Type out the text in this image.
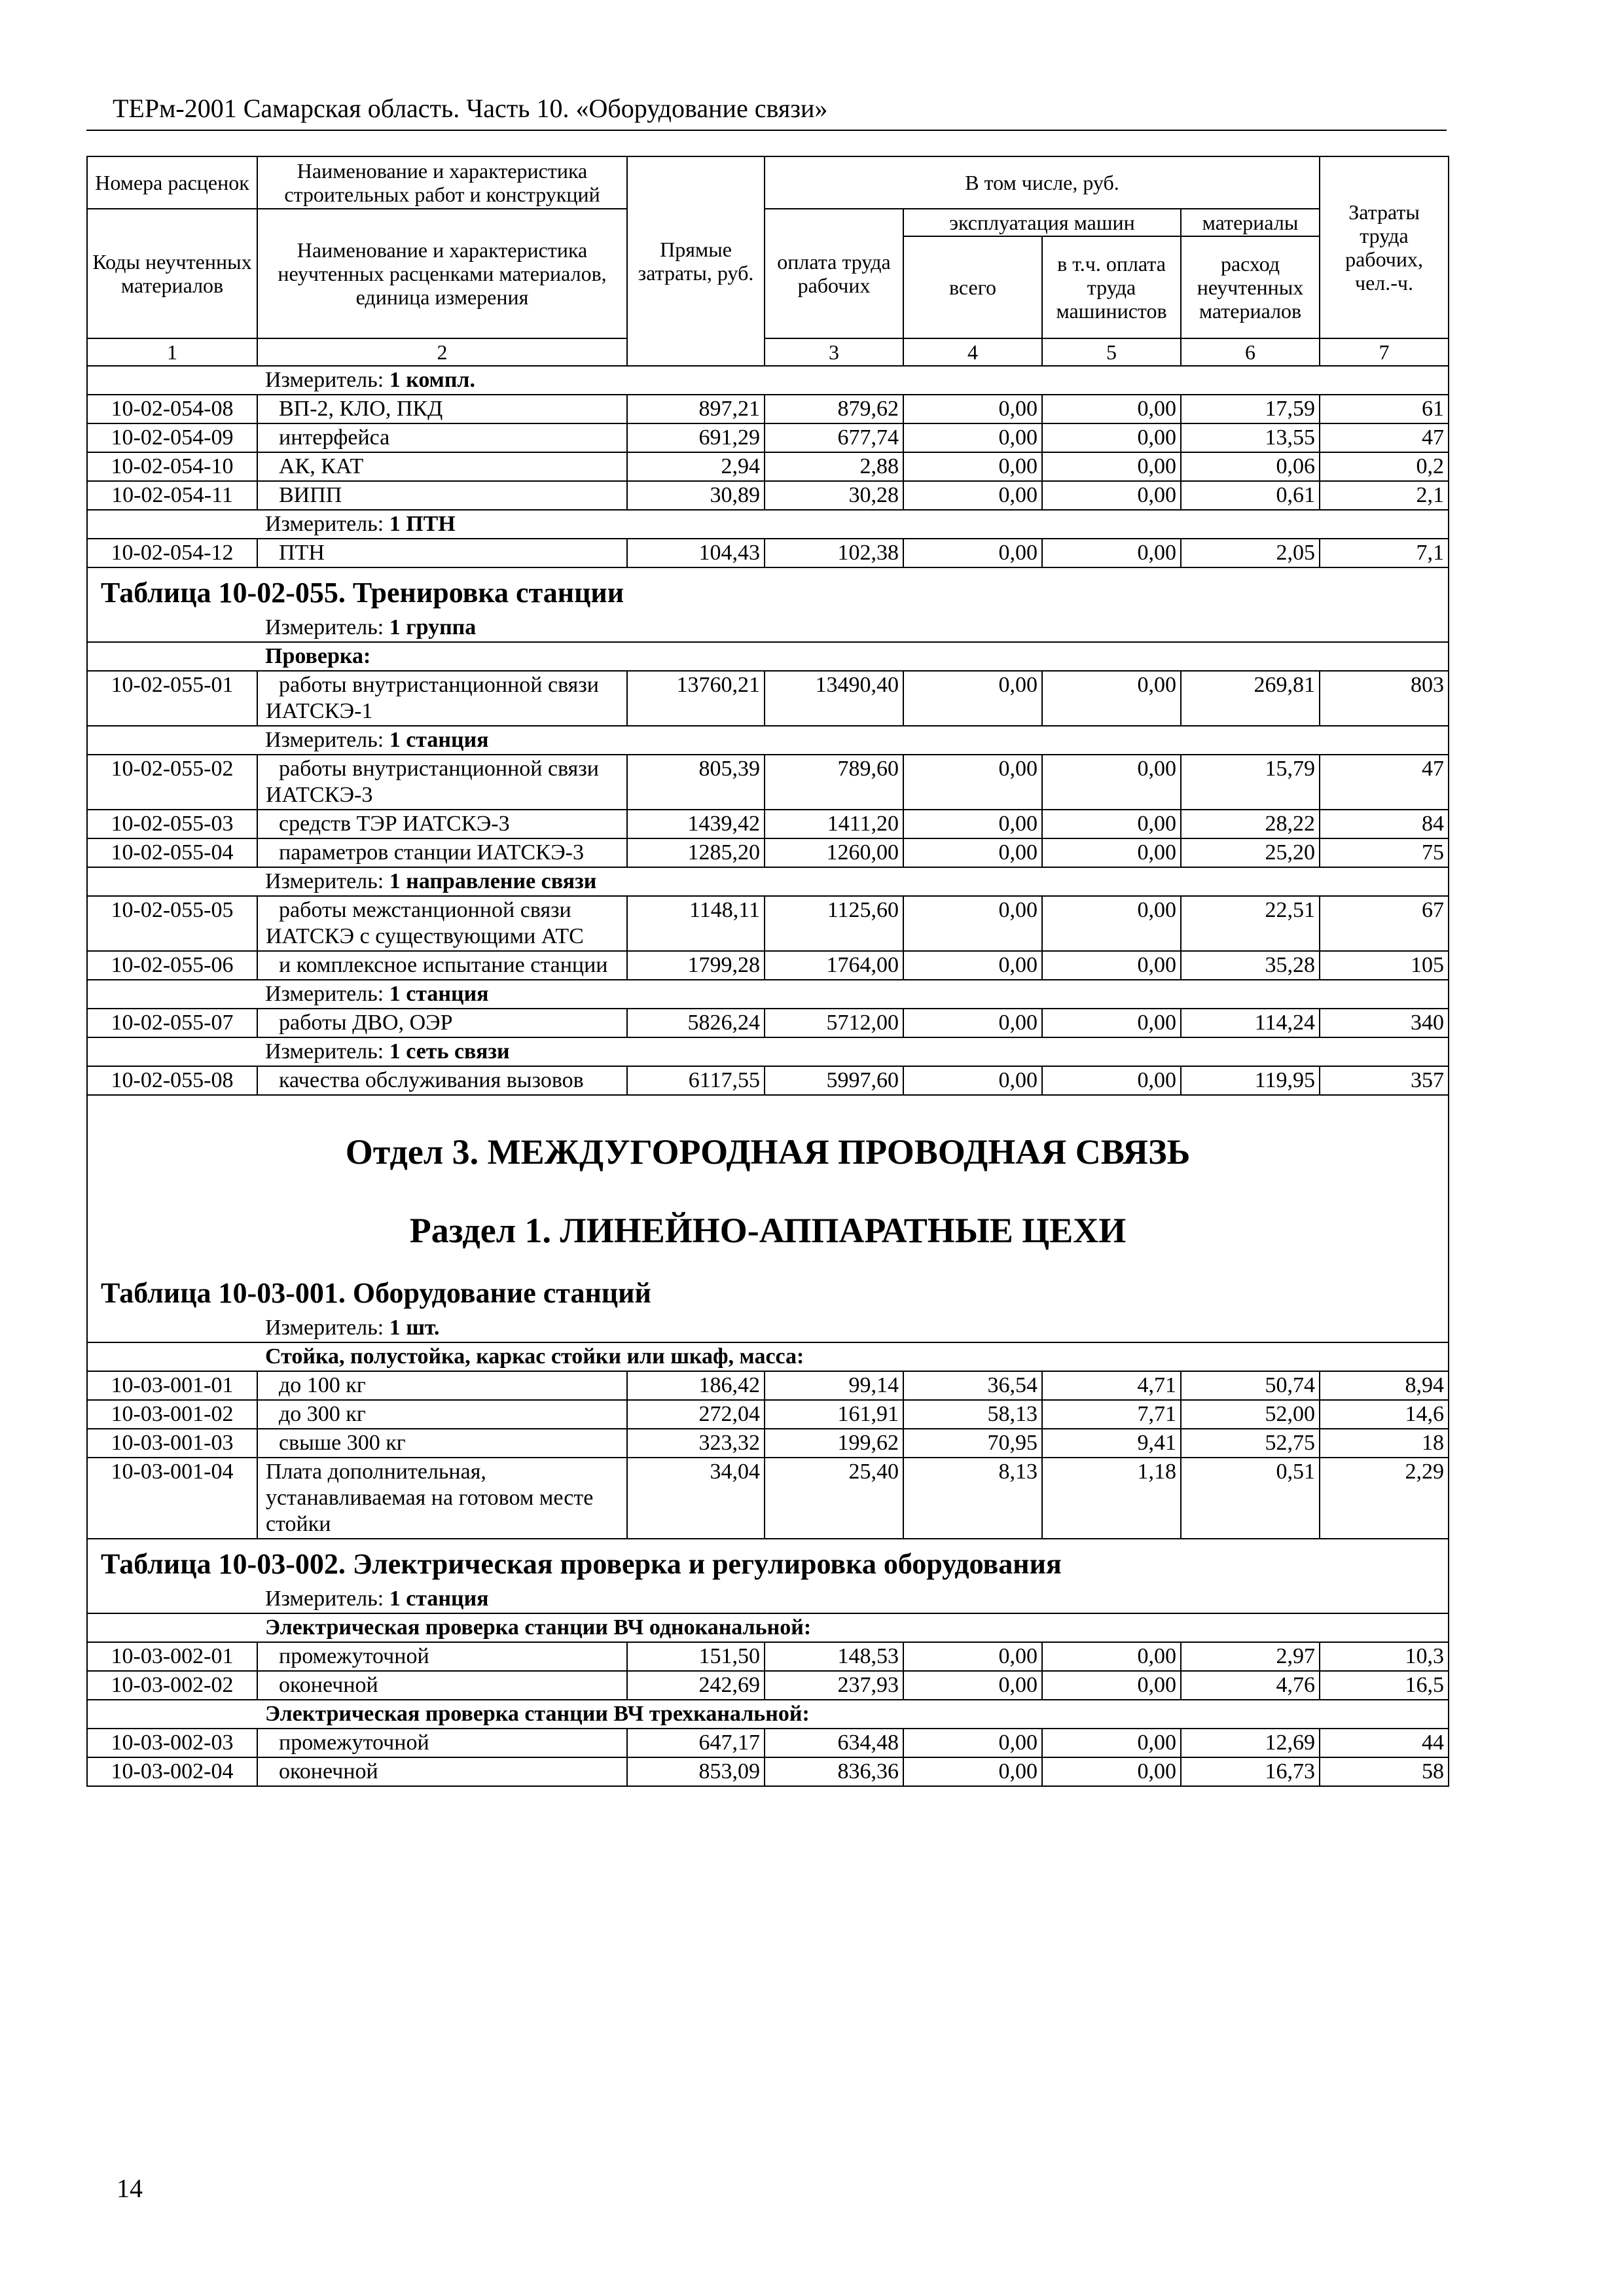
ТЕРм-2001 Самарская область. Часть 10. «Оборудование связи»
Номера расценок	Наименование и характеристика строительных работ и конструкций	Прямые затраты, руб.	В том числе, руб.				Затраты труда рабочих, чел.-ч.	
Коды неучтенных материалов	Наименование и характеристика неучтенных расценками материалов, единица измерения		оплата труда рабочих	эксплуатация машин		материалы		
				всего	в т.ч. оплата труда машинистов	расход неучтенных материалов	
1	2		3	4	5	6	7	
Измеритель: 1 компл.								
10-02-054-08	ВП-2, КЛО, ПКД	897,21	879,62	0,00	0,00	17,59	61	
10-02-054-09	интерфейса	691,29	677,74	0,00	0,00	13,55	47	
10-02-054-10	АК, КАТ	2,94	2,88	0,00	0,00	0,06	0,2	
10-02-054-11	ВИПП	30,89	30,28	0,00	0,00	0,61	2,1	
Измеритель: 1 ПТН								
10-02-054-12	ПТН	104,43	102,38	0,00	0,00	2,05	7,1	
Таблица 10-02-055. Тренировка станции								
Измеритель: 1 группа								
Проверка:								
10-02-055-01	работы внутристанционной связи ИАТСКЭ-1	13760,21	13490,40	0,00	0,00	269,81	803	
Измеритель: 1 станция								
10-02-055-02	работы внутристанционной связи ИАТСКЭ-3	805,39	789,60	0,00	0,00	15,79	47	
10-02-055-03	средств ТЭР ИАТСКЭ-3	1439,42	1411,20	0,00	0,00	28,22	84	
10-02-055-04	параметров станции ИАТСКЭ-3	1285,20	1260,00	0,00	0,00	25,20	75	
Измеритель: 1 направление связи								
10-02-055-05	работы межстанционной связи ИАТСКЭ с существующими АТС	1148,11	1125,60	0,00	0,00	22,51	67	
10-02-055-06	и комплексное испытание станции	1799,28	1764,00	0,00	0,00	35,28	105	
Измеритель: 1 станция								
10-02-055-07	работы ДВО, ОЭР	5826,24	5712,00	0,00	0,00	114,24	340	
Измеритель: 1 сеть связи								
10-02-055-08	качества обслуживания вызовов	6117,55	5997,60	0,00	0,00	119,95	357	
Отдел 3. МЕЖДУГОРОДНАЯ ПРОВОДНАЯ СВЯЗЬ								
Раздел 1. ЛИНЕЙНО-АППАРАТНЫЕ ЦЕХИ								
Таблица 10-03-001. Оборудование станций								
Измеритель: 1 шт.								
Стойка, полустойка, каркас стойки или шкаф, масса:								
10-03-001-01	до 100 кг	186,42	99,14	36,54	4,71	50,74	8,94	
10-03-001-02	до 300 кг	272,04	161,91	58,13	7,71	52,00	14,6	
10-03-001-03	свыше 300 кг	323,32	199,62	70,95	9,41	52,75	18	
10-03-001-04	Плата дополнительная, устанавливаемая на готовом месте стойки	34,04	25,40	8,13	1,18	0,51	2,29	
Таблица 10-03-002. Электрическая проверка и регулировка оборудования								
Измеритель: 1 станция								
Электрическая проверка станции ВЧ одноканальной:								
10-03-002-01	промежуточной	151,50	148,53	0,00	0,00	2,97	10,3	
10-03-002-02	оконечной	242,69	237,93	0,00	0,00	4,76	16,5	
Электрическая проверка станции ВЧ трехканальной:								
10-03-002-03	промежуточной	647,17	634,48	0,00	0,00	12,69	44	
10-03-002-04	оконечной	853,09	836,36	0,00	0,00	16,73	58	
14
